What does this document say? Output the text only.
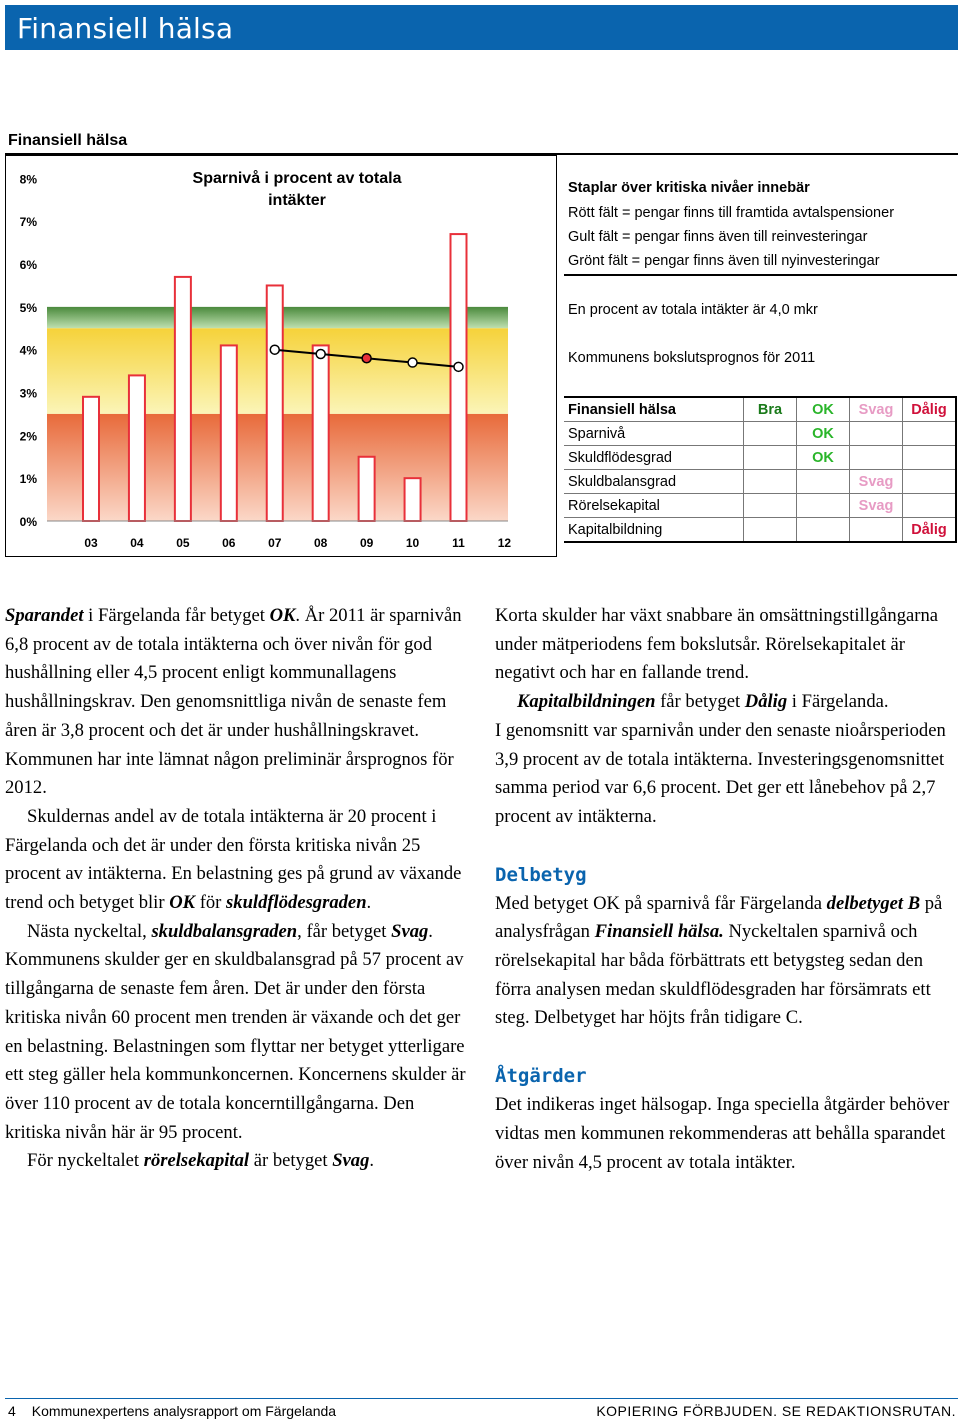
Finansiell hälsa
Finansiell hälsa
0%
1%
2%
3%
4%
5%
6%
7%
8%
03	04	05	06	07	08	09	10	11	12
Sparnivå i procent av totala intäkter
Staplar över kritiska nivåer innebär
Rött fält = pengar finns till framtida avtalspensioner
Gult fält = pengar finns även till reinvesteringar
Grönt fält = pengar finns även till nyinvesteringar
En procent av totala intäkter är 4,0 mkr
Kommunens bokslutsprognos för 2011
Finansiell hälsa	Bra	OK	Svag	Dålig
Sparnivå		OK		
Skuldflödesgrad		OK		
Skuldbalansgrad			Svag	
Rörelsekapital			Svag	
Kapitalbildning				Dålig

Sparandet i Färgelanda får betyget OK. År 2011 är sparnivån 6,8 procent av de totala intäkterna och över nivån för god hushållning eller 4,5 procent enligt kommunallagens hushållningskrav. Den genomsnittliga nivån de senaste fem åren är 3,8 procent och det är under hushållningskravet. Kommunen har inte lämnat någon preliminär årsprognos för 2012.

Skuldernas andel av de totala intäkterna är 20 procent i Färgelanda och det är under den första kritiska nivån 25 procent av intäkterna. En belastning ges på grund av växande trend och betyget blir OK för skuldflödesgraden.

Nästa nyckeltal, skuldbalansgraden, får betyget Svag. Kommunens skulder ger en skuldbalansgrad på 57 procent av tillgångarna de senaste fem åren. Det är under den första kritiska nivån 60 procent men trenden är växande och det ger en belastning. Belastningen som flyttar ner betyget ytterligare ett steg gäller hela kommunkoncernen. Koncernens skulder är över 110 procent av de totala koncerntillgångarna. Den kritiska nivån här är 95 procent.

För nyckeltalet rörelsekapital är betyget Svag.

Korta skulder har växt snabbare än omsättningstillgångarna under mätperiodens fem bokslutsår. Rörelsekapitalet är negativt och har en fallande trend.

Kapitalbildningen får betyget Dålig i Färgelanda.

I genomsnitt var sparnivån under den senaste nioårsperioden 3,9 procent av de totala intäkterna. Investeringsgenomsnittet samma period var 6,6 procent. Det ger ett lånebehov på 2,7 procent av intäkterna.

Delbetyg

Med betyget OK på sparnivå får Färgelanda delbetyget B på analysfrågan Finansiell hälsa. Nyckeltalen sparnivå och rörelsekapital har båda förbättrats ett betygsteg sedan den förra analysen medan skuldflödesgraden har försämrats ett steg. Delbetyget har höjts från tidigare C.

Åtgärder

Det indikeras inget hälsogap. Inga speciella åtgärder behöver vidtas men kommunen rekommenderas att behålla sparandet över nivån 4,5 procent av totala intäkter.

4 Kommunexpertens analysrapport om Färgelanda	KOPIERING FÖRBJUDEN. SE REDAKTIONSRUTAN.
